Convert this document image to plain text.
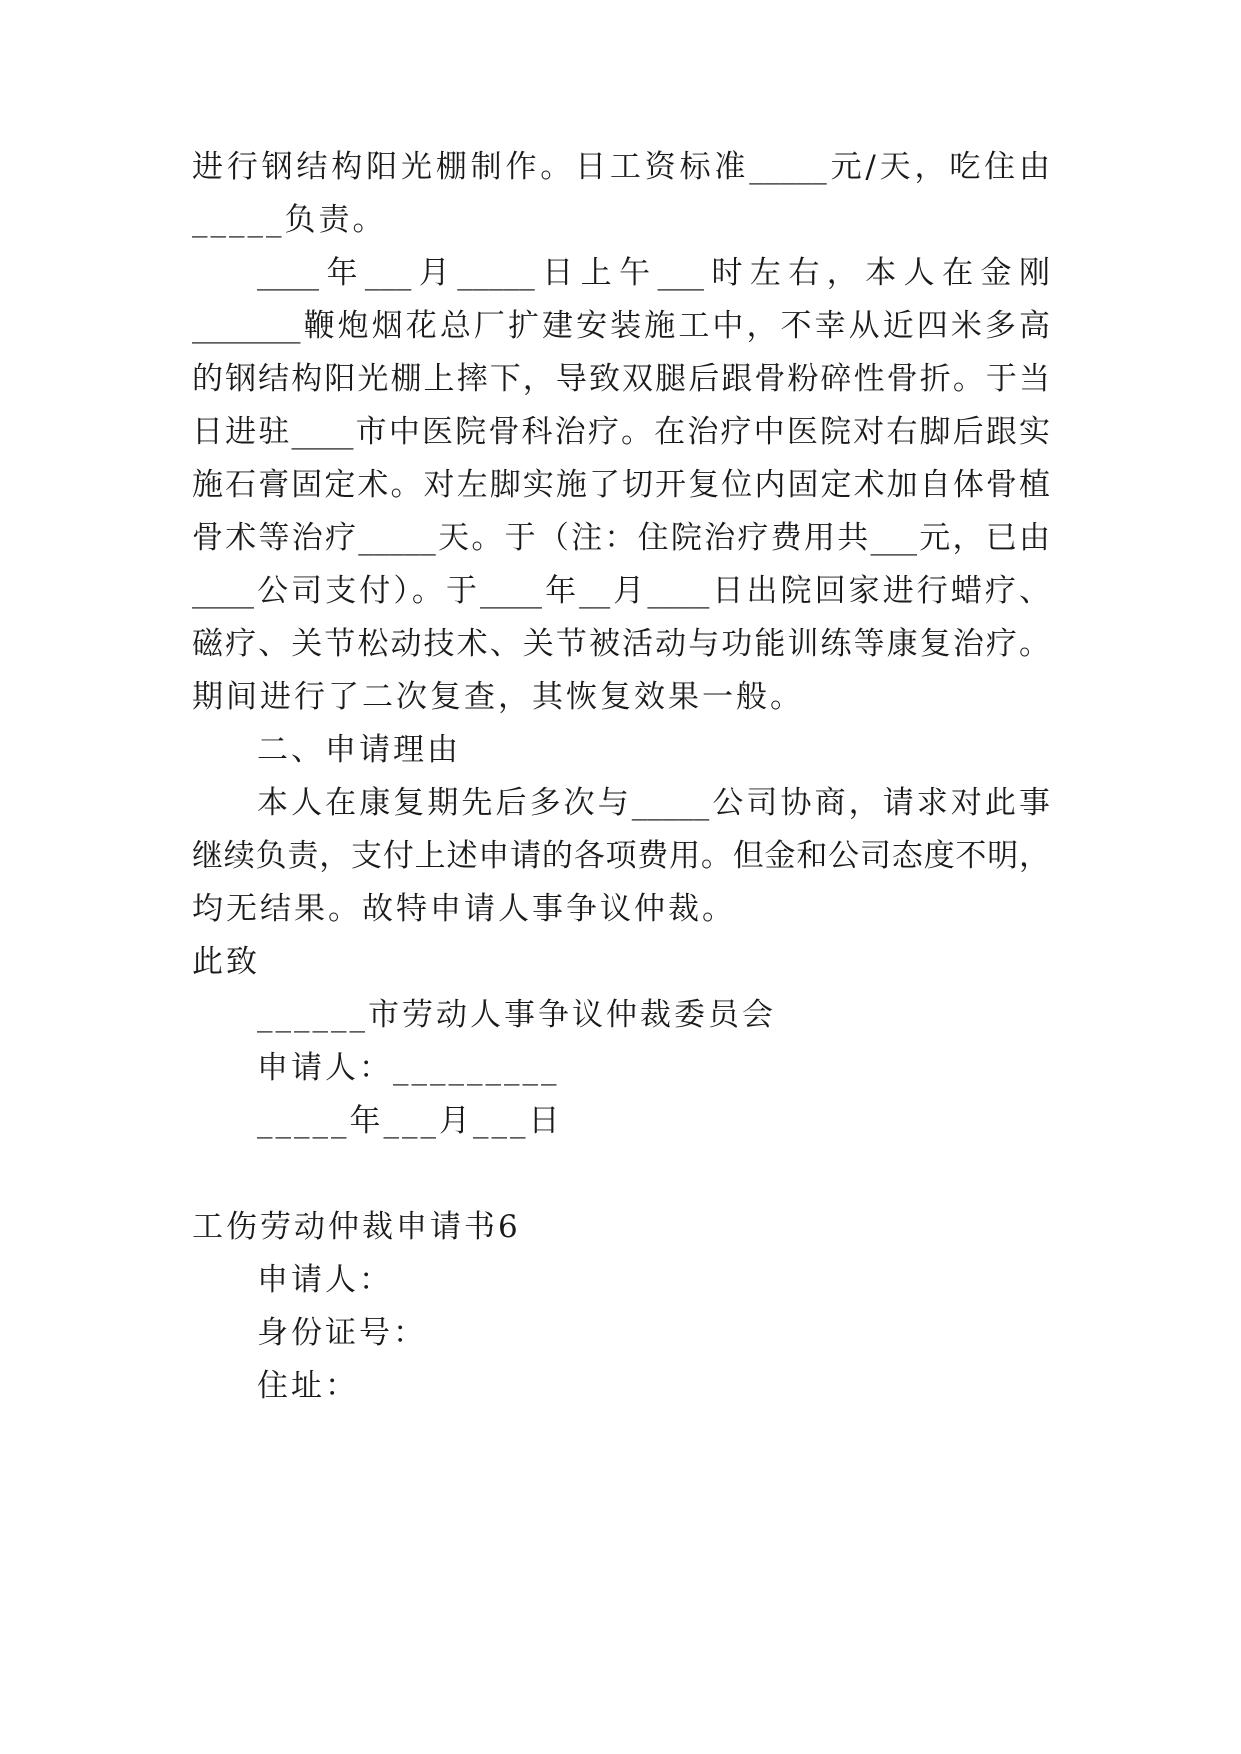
进行钢结构阳光棚制作。日工资标准_____元/天，吃住由
_____负责。
____年___月_____日上午___时左右，本人在金刚
_______鞭炮烟花总厂扩建安装施工中，不幸从近四米多高
的钢结构阳光棚上摔下，导致双腿后跟骨粉碎性骨折。于当
日进驻____市中医院骨科治疗。在治疗中医院对右脚后跟实
施石膏固定术。对左脚实施了切开复位内固定术加自体骨植
骨术等治疗_____天。于（注：住院治疗费用共___元，已由
____公司支付）。于____年__月____日出院回家进行蜡疗、
磁疗、关节松动技术、关节被活动与功能训练等康复治疗。
期间进行了二次复查，其恢复效果一般。
二、申请理由
本人在康复期先后多次与_____公司协商，请求对此事
继续负责，支付上述申请的各项费用。但金和公司态度不明，
均无结果。故特申请人事争议仲裁。
此致
______市劳动人事争议仲裁委员会
申请人：_________
_____年___月___日
工伤劳动仲裁申请书6
申请人：
身份证号：
住址：
